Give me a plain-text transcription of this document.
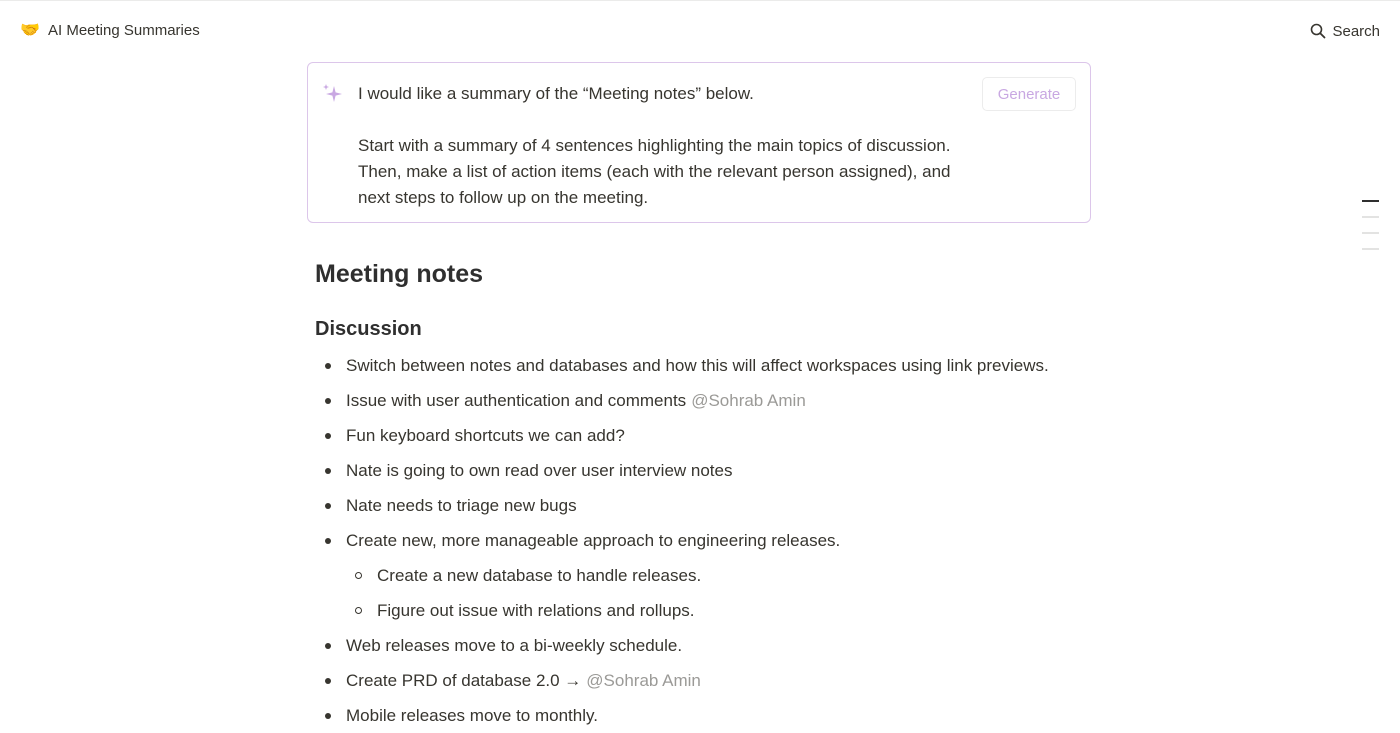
🤝 AI Meeting Summaries	Search

I would like a summary of the “Meeting notes” below.

Start with a summary of 4 sentences highlighting the main topics of discussion. Then, make a list of action items (each with the relevant person assigned), and next steps to follow up on the meeting.

Generate
Meeting notes
Discussion
Switch between notes and databases and how this will affect workspaces using link previews.
Issue with user authentication and comments @Sohrab Amin
Fun keyboard shortcuts we can add?
Nate is going to own read over user interview notes
Nate needs to triage new bugs
Create new, more manageable approach to engineering releases.
Create a new database to handle releases.
Figure out issue with relations and rollups.
Web releases move to a bi-weekly schedule.
Create PRD of database 2.0 → @Sohrab Amin
Mobile releases move to monthly.
